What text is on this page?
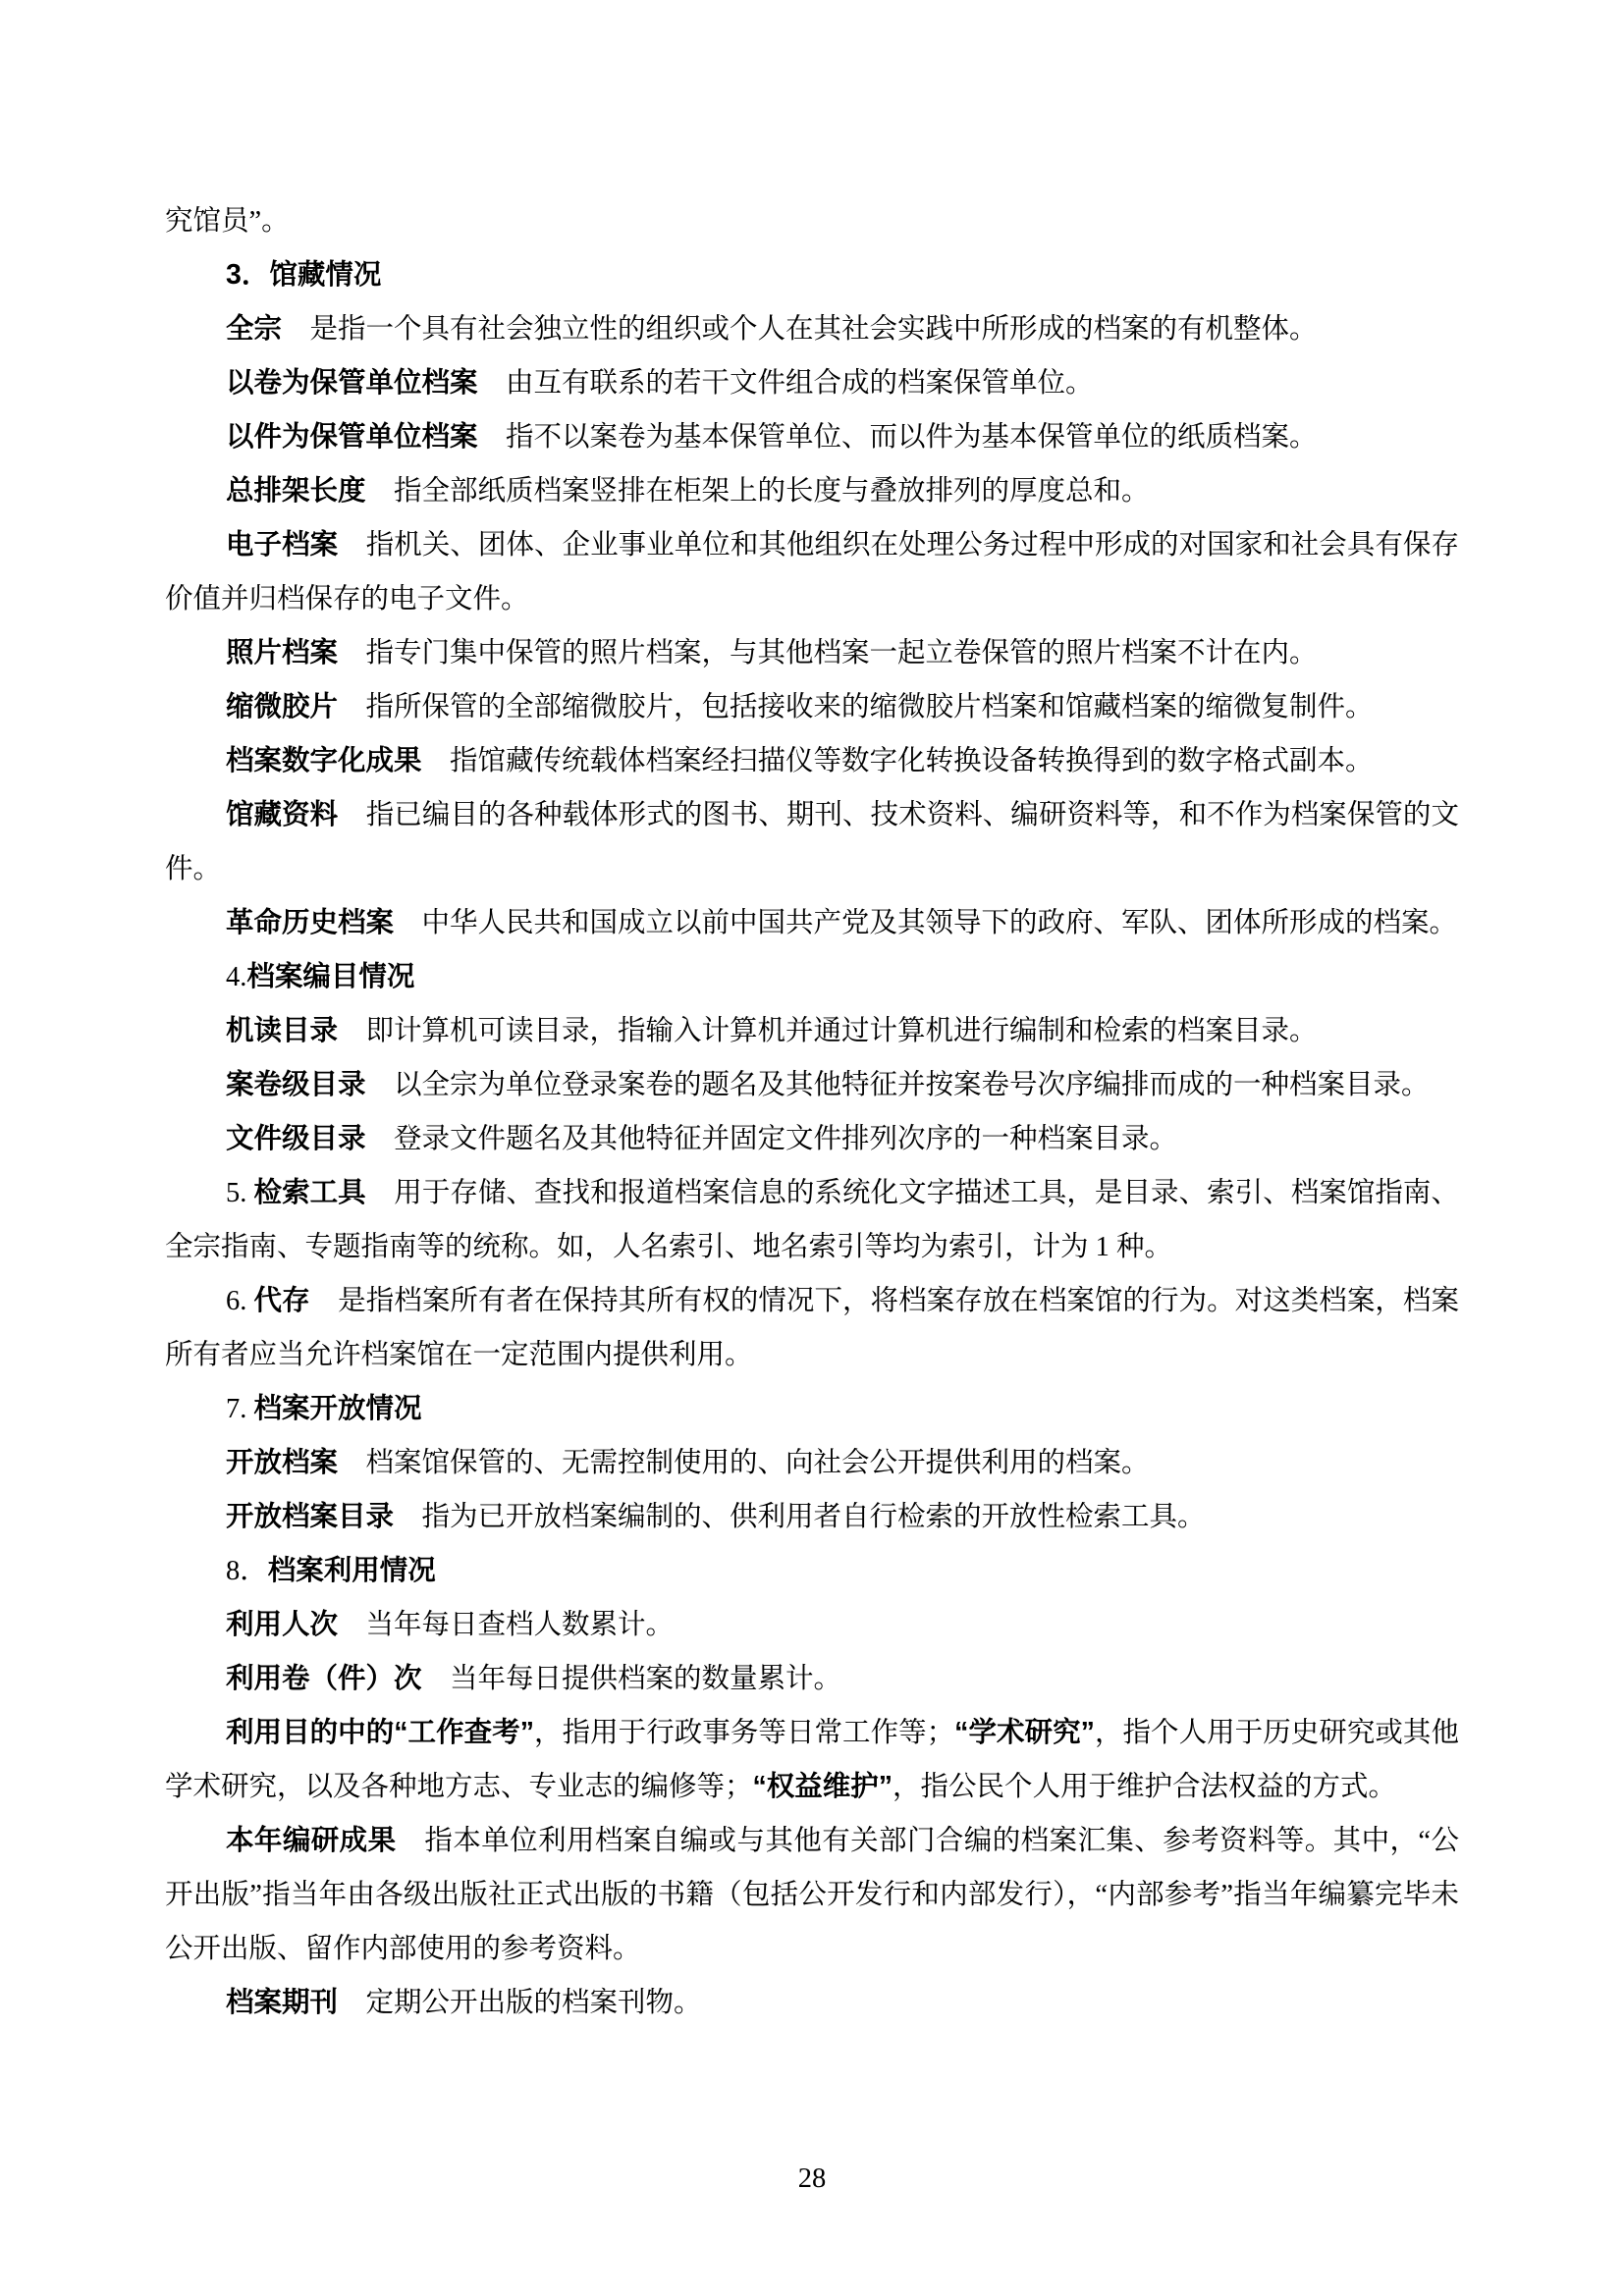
究馆员”。

3．馆藏情况

全宗　是指一个具有社会独立性的组织或个人在其社会实践中所形成的档案的有机整体。

以卷为保管单位档案　由互有联系的若干文件组合成的档案保管单位。

以件为保管单位档案　指不以案卷为基本保管单位、而以件为基本保管单位的纸质档案。

总排架长度　指全部纸质档案竖排在柜架上的长度与叠放排列的厚度总和。

电子档案　指机关、团体、企业事业单位和其他组织在处理公务过程中形成的对国家和社会具有保存价值并归档保存的电子文件。

照片档案　指专门集中保管的照片档案，与其他档案一起立卷保管的照片档案不计在内。

缩微胶片　指所保管的全部缩微胶片，包括接收来的缩微胶片档案和馆藏档案的缩微复制件。

档案数字化成果　指馆藏传统载体档案经扫描仪等数字化转换设备转换得到的数字格式副本。

馆藏资料　指已编目的各种载体形式的图书、期刊、技术资料、编研资料等，和不作为档案保管的文件。

革命历史档案　中华人民共和国成立以前中国共产党及其领导下的政府、军队、团体所形成的档案。

4.档案编目情况

机读目录　即计算机可读目录，指输入计算机并通过计算机进行编制和检索的档案目录。

案卷级目录　以全宗为单位登录案卷的题名及其他特征并按案卷号次序编排而成的一种档案目录。

文件级目录　登录文件题名及其他特征并固定文件排列次序的一种档案目录。

5. 检索工具　用于存储、查找和报道档案信息的系统化文字描述工具，是目录、索引、档案馆指南、全宗指南、专题指南等的统称。如，人名索引、地名索引等均为索引，计为 1 种。

6. 代存　是指档案所有者在保持其所有权的情况下，将档案存放在档案馆的行为。对这类档案，档案所有者应当允许档案馆在一定范围内提供利用。

7. 档案开放情况

开放档案　档案馆保管的、无需控制使用的、向社会公开提供利用的档案。

开放档案目录　指为已开放档案编制的、供利用者自行检索的开放性检索工具。

8．档案利用情况

利用人次　当年每日查档人数累计。

利用卷（件）次　当年每日提供档案的数量累计。

利用目的中的“工作查考”，指用于行政事务等日常工作等；“学术研究”，指个人用于历史研究或其他学术研究，以及各种地方志、专业志的编修等；“权益维护”，指公民个人用于维护合法权益的方式。

本年编研成果　指本单位利用档案自编或与其他有关部门合编的档案汇集、参考资料等。其中，“公开出版”指当年由各级出版社正式出版的书籍（包括公开发行和内部发行），“内部参考”指当年编纂完毕未公开出版、留作内部使用的参考资料。

档案期刊　定期公开出版的档案刊物。

28
